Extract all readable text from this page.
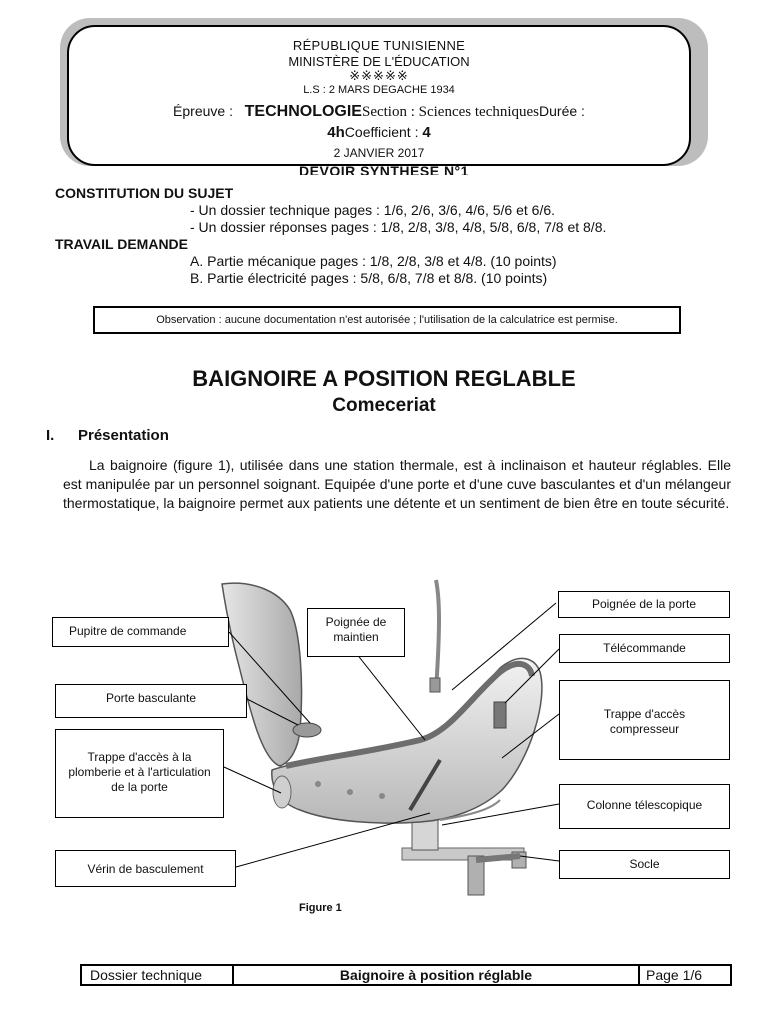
RÉPUBLIQUE TUNISIENNE
MINISTÈRE DE L'ÉDUCATION
※※※※※
L.S : 2 MARS DEGACHE 1934
Épreuve : TECHNOLOGIESection : Sciences techniquesDurée :
4hCoefficient : 4
2 JANVIER 2017
DEVOIR SYNTHESE N°1
CONSTITUTION DU SUJET
- Un dossier technique pages : 1/6, 2/6, 3/6, 4/6, 5/6 et 6/6.
- Un dossier réponses pages : 1/8, 2/8, 3/8, 4/8, 5/8, 6/8, 7/8 et 8/8.
TRAVAIL DEMANDE
A. Partie mécanique pages : 1/8, 2/8, 3/8 et 4/8. (10 points)
B. Partie électricité pages : 5/8, 6/8, 7/8 et 8/8. (10 points)
Observation : aucune documentation n'est autorisée ; l'utilisation de la calculatrice est permise.
BAIGNOIRE A POSITION REGLABLE
Comeceriat
I. Présentation
La baignoire (figure 1), utilisée dans une station thermale, est à inclinaison et hauteur réglables. Elle est manipulée par un personnel soignant. Equipée d'une porte et d'une cuve basculantes et d'un mélangeur thermostatique, la baignoire permet aux patients une détente et un sentiment de bien être en toute sécurité.
Pupitre de commande
Poignée de maintien
Poignée de la porte
Télécommande
Porte basculante
Trappe d'accès compresseur
Trappe d'accès à la plomberie et à l'articulation de la porte
Colonne télescopique
Vérin de basculement	Socle
Figure 1
Dossier technique	Baignoire à position réglable	Page 1/6
